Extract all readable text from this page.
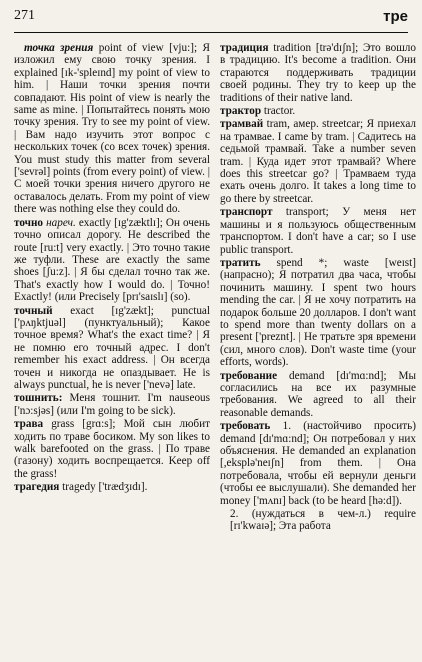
271	тре

точка зрения point of view [vju:]; Я изложил ему свою точку зрения. I explained [ɪk-'spleɪnd] my point of view to him. | Наши точки зрения почти совпадают. His point of view is nearly the same as mine. | Попытайтесь понять мою точку зрения. Try to see my point of view. | Вам надо изучить этот вопрос с нескольких точек (со всех точек) зрения. You must study this matter from several ['sevrəl] points (from every point) of view. | С моей точки зрения ничего другого не оставалось делать. From my point of view there was nothing else they could do.

точно нареч. exactly [ɪg'zæktlɪ]; Он очень точно описал дорогу. He described the route [ru:t] very exactly. | Это точно такие же туфли. These are exactly the same shoes [ʃu:z]. | Я бы сделал точно так же. That's exactly how I would do. | Точно! Exactly! (или Precisely [prɪ'saɪslɪ] (so).

точный exact [ɪg'zækt]; punctual ['pʌŋktjuəl] (пунктуальный); Какое точное время? What's the exact time? | Я не помню его точный адрес. I don't remember his exact address. | Он всегда точен и никогда не опаздывает. He is always punctual, he is never ['nevə] late.

тошнить: Меня тошнит. I'm nauseous ['nɔ:sjəs] (или I'm going to be sick).

трава grass [grɑ:s]; Мой сын любит ходить по траве босиком. My son likes to walk barefooted on the grass. | По траве (газону) ходить воспрещается. Keep off the grass!

трагедия tragedy ['trædʒɪdɪ].

традиция tradition [trə'dɪʃn]; Это вошло в традицию. It's become a tradition. Они стараются поддерживать традиции своей родины. They try to keep up the traditions of their native land.

трактор tractor.

трамвай tram, амер. streetcar; Я приехал на трамвае. I came by tram. | Садитесь на седьмой трамвай. Take a number seven tram. | Куда идет этот трамвай? Where does this streetcar go? | Трамваем туда ехать очень долго. It takes a long time to go there by streetcar.

транспорт transport; У меня нет машины и я пользуюсь общественным транспортом. I don't have a car; so I use public transport.

тратить spend *; waste [weɪst] (напрасно); Я потратил два часа, чтобы починить машину. I spent two hours mending the car. | Я не хочу потратить на подарок больше 20 долларов. I don't want to spend more than twenty dollars on a present ['preznt]. | Не тратьте зря времени (сил, много слов). Don't waste time (your efforts, words).

требование demand [dɪ'mɑ:nd]; Мы согласились на все их разумные требования. We agreed to all their reasonable demands.

требовать 1. (настойчиво просить) demand [dɪ'mɑ:nd]; Он потребовал у них объяснения. He demanded an explanation [,eksplə'neɪʃn] from them. | Она потребовала, чтобы ей вернули деньги (чтобы ее выслушали). She demanded her money ['mʌnɪ] back (to be heard [hə:d]).

2. (нуждаться в чем-л.) require [rɪ'kwaɪə]; Эта работа
